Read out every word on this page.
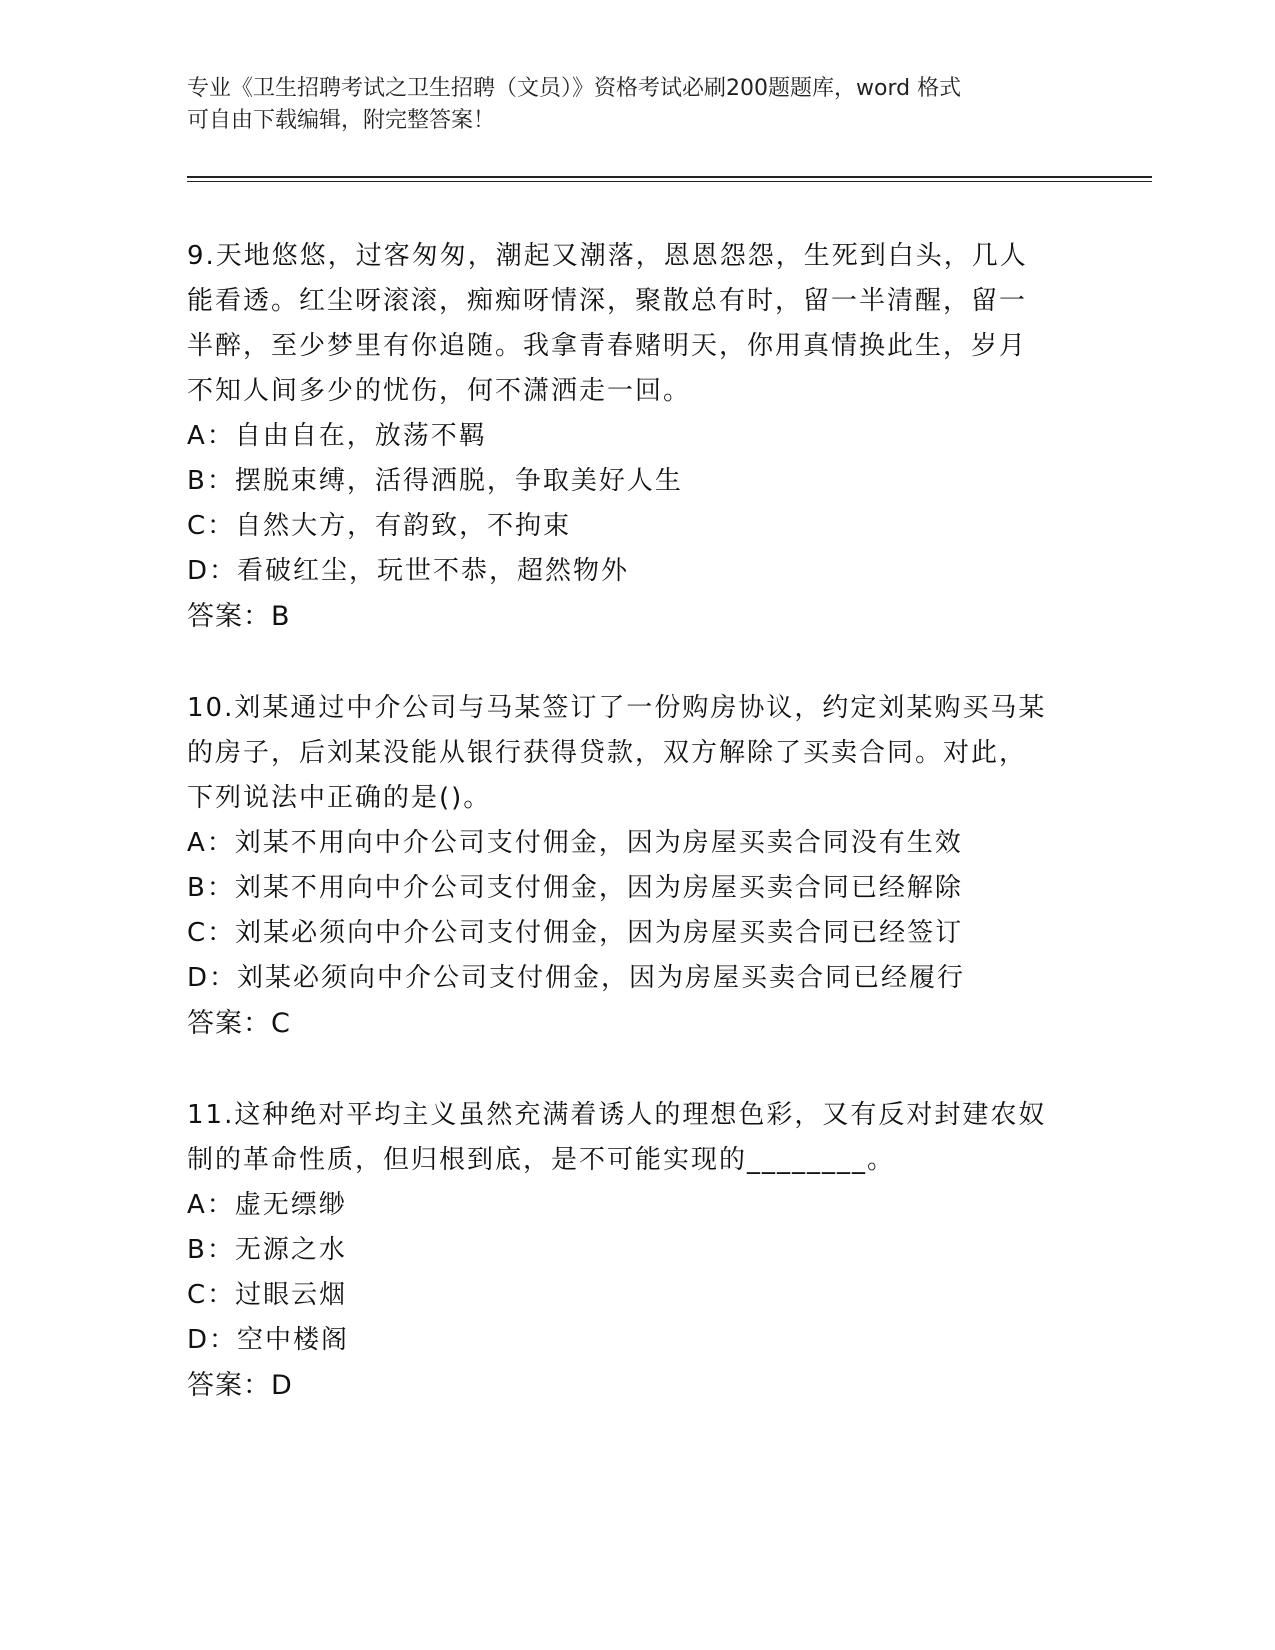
专业《卫生招聘考试之卫生招聘（文员）》资格考试必刷200题题库，word 格式
可自由下载编辑，附完整答案！
9.天地悠悠，过客匆匆，潮起又潮落，恩恩怨怨，生死到白头，几人
能看透。红尘呀滚滚，痴痴呀情深，聚散总有时，留一半清醒，留一
半醉，至少梦里有你追随。我拿青春赌明天，你用真情换此生，岁月
不知人间多少的忧伤，何不潇洒走一回。
A：自由自在，放荡不羁
B：摆脱束缚，活得洒脱，争取美好人生
C：自然大方，有韵致，不拘束
D：看破红尘，玩世不恭，超然物外
答案：B
10.刘某通过中介公司与马某签订了一份购房协议，约定刘某购买马某
的房子，后刘某没能从银行获得贷款，双方解除了买卖合同。对此，
下列说法中正确的是()。
A：刘某不用向中介公司支付佣金，因为房屋买卖合同没有生效
B：刘某不用向中介公司支付佣金，因为房屋买卖合同已经解除
C：刘某必须向中介公司支付佣金，因为房屋买卖合同已经签订
D：刘某必须向中介公司支付佣金，因为房屋买卖合同已经履行
答案：C
11.这种绝对平均主义虽然充满着诱人的理想色彩，又有反对封建农奴
制的革命性质，但归根到底，是不可能实现的________。
A：虚无缥缈
B：无源之水
C：过眼云烟
D：空中楼阁
答案：D
